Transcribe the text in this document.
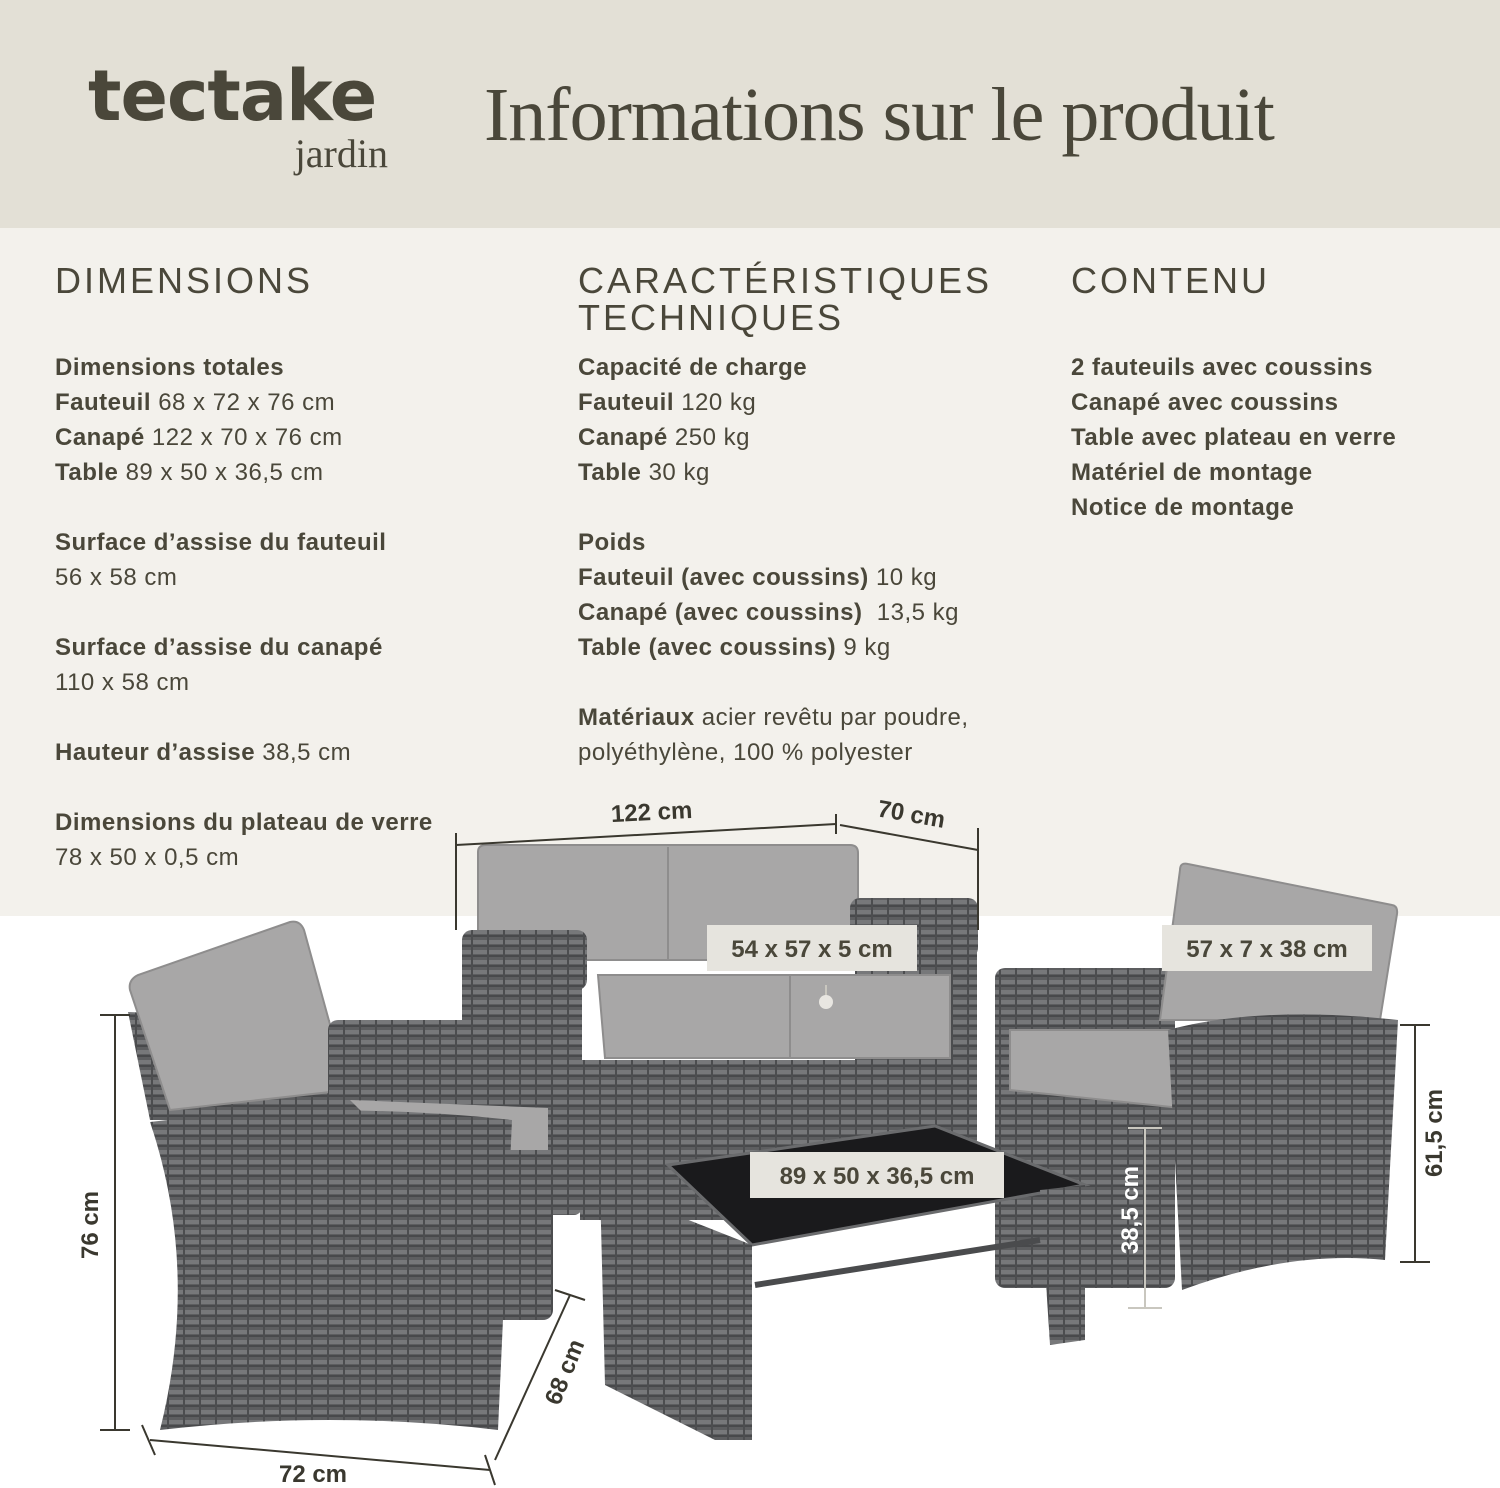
tectake
jardin Informations sur le produit
DIMENSIONS

Dimensions totales

Fauteuil 68 x 72 x 76 cm

Canapé 122 x 70 x 76 cm

Table 89 x 50 x 36,5 cm

Surface d’assise du fauteuil

56 x 58 cm

Surface d’assise du canapé

110 x 58 cm

Hauteur d’assise 38,5 cm

Dimensions du plateau de verre

78 x 50 x 0,5 cm

CARACTÉRISTIQUES
TECHNIQUES

Capacité de charge

Fauteuil 120 kg

Canapé 250 kg

Table 30 kg

Poids

Fauteuil (avec coussins) 10 kg

Canapé (avec coussins) 13,5 kg

Table (avec coussins) 9 kg

Matériaux acier revêtu par poudre,

polyéthylène, 100 % polyester

CONTENU

2 fauteuils avec coussins

Canapé avec coussins

Table avec plateau en verre

Matériel de montage

Notice de montage

54 x 57 x 5 cm	57 x 7 x 38 cm
89 x 50 x 36,5 cm
122 cm	70 cm
76 cm
68 cm
72 cm
38,5 cm
61,5 cm
